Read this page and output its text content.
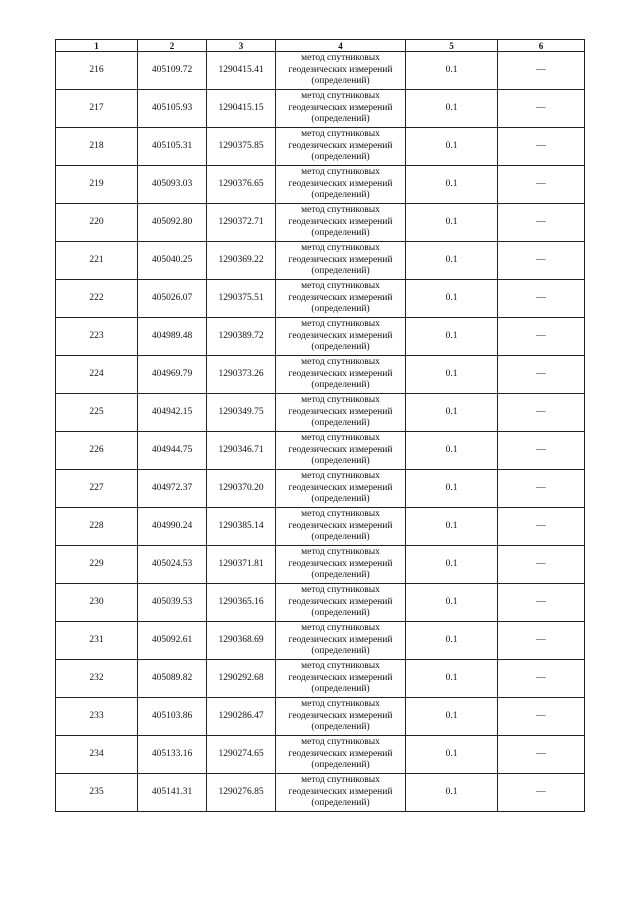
1	2	3	4	5	6
216	405109.72	1290415.41	метод спутниковых
геодезических измерений
(определений)	0.1	—
217	405105.93	1290415.15	метод спутниковых
геодезических измерений
(определений)	0.1	—
218	405105.31	1290375.85	метод спутниковых
геодезических измерений
(определений)	0.1	—
219	405093.03	1290376.65	метод спутниковых
геодезических измерений
(определений)	0.1	—
220	405092.80	1290372.71	метод спутниковых
геодезических измерений
(определений)	0.1	—
221	405040.25	1290369.22	метод спутниковых
геодезических измерений
(определений)	0.1	—
222	405026.07	1290375.51	метод спутниковых
геодезических измерений
(определений)	0.1	—
223	404989.48	1290389.72	метод спутниковых
геодезических измерений
(определений)	0.1	—
224	404969.79	1290373.26	метод спутниковых
геодезических измерений
(определений)	0.1	—
225	404942.15	1290349.75	метод спутниковых
геодезических измерений
(определений)	0.1	—
226	404944.75	1290346.71	метод спутниковых
геодезических измерений
(определений)	0.1	—
227	404972.37	1290370.20	метод спутниковых
геодезических измерений
(определений)	0.1	—
228	404990.24	1290385.14	метод спутниковых
геодезических измерений
(определений)	0.1	—
229	405024.53	1290371.81	метод спутниковых
геодезических измерений
(определений)	0.1	—
230	405039.53	1290365.16	метод спутниковых
геодезических измерений
(определений)	0.1	—
231	405092.61	1290368.69	метод спутниковых
геодезических измерений
(определений)	0.1	—
232	405089.82	1290292.68	метод спутниковых
геодезических измерений
(определений)	0.1	—
233	405103.86	1290286.47	метод спутниковых
геодезических измерений
(определений)	0.1	—
234	405133.16	1290274.65	метод спутниковых
геодезических измерений
(определений)	0.1	—
235	405141.31	1290276.85	метод спутниковых
геодезических измерений
(определений)	0.1	—
